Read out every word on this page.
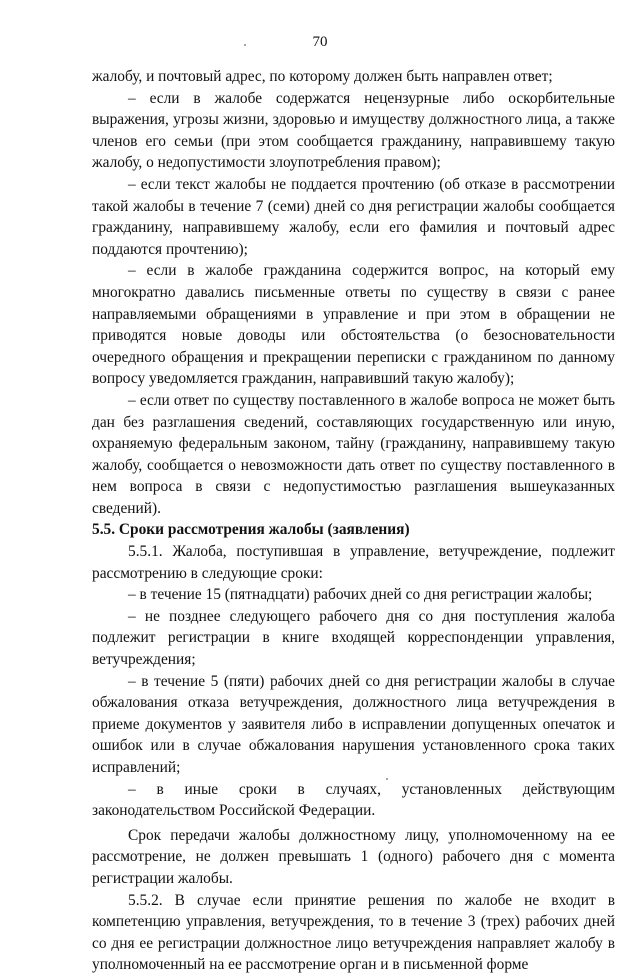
70

жалобу, и почтовый адрес, по которому должен быть направлен ответ;

– если в жалобе содержатся нецензурные либо оскорбительные выражения, угрозы жизни, здоровью и имуществу должностного лица, а также членов его семьи (при этом сообщается гражданину, направившему такую жалобу, о недопустимости злоупотребления правом);

– если текст жалобы не поддается прочтению (об отказе в рассмотрении такой жалобы в течение 7 (семи) дней со дня регистрации жалобы сообщается гражданину, направившему жалобу, если его фамилия и почтовый адрес поддаются прочтению);

– если в жалобе гражданина содержится вопрос, на который ему многократно давались письменные ответы по существу в связи с ранее направляемыми обращениями в управление и при этом в обращении не приводятся новые доводы или обстоятельства (о безосновательности очередного обращения и прекращении переписки с гражданином по данному вопросу уведомляется гражданин, направивший такую жалобу);

– если ответ по существу поставленного в жалобе вопроса не может быть дан без разглашения сведений, составляющих государственную или иную, охраняемую федеральным законом, тайну (гражданину, направившему такую жалобу, сообщается о невозможности дать ответ по существу поставленного в нем вопроса в связи с недопустимостью разглашения вышеуказанных сведений).

5.5. Сроки рассмотрения жалобы (заявления)

5.5.1. Жалоба, поступившая в управление, ветучреждение, подлежит рассмотрению в следующие сроки:

– в течение 15 (пятнадцати) рабочих дней со дня регистрации жалобы;

– не позднее следующего рабочего дня со дня поступления жалоба подлежит регистрации в книге входящей корреспонденции управления, ветучреждения;

– в течение 5 (пяти) рабочих дней со дня регистрации жалобы в случае обжалования отказа ветучреждения, должностного лица ветучреждения в приеме документов у заявителя либо в исправлении допущенных опечаток и ошибок или в случае обжалования нарушения установленного срока таких исправлений;

– в иные сроки в случаях, установленных действующим законодательством Российской Федерации.

Срок передачи жалобы должностному лицу, уполномоченному на ее рассмотрение, не должен превышать 1 (одного) рабочего дня с момента регистрации жалобы.

5.5.2. В случае если принятие решения по жалобе не входит в компетенцию управления, ветучреждения, то в течение 3 (трех) рабочих дней со дня ее регистрации должностное лицо ветучреждения направляет жалобу в уполномоченный на ее рассмотрение орган и в письменной форме
